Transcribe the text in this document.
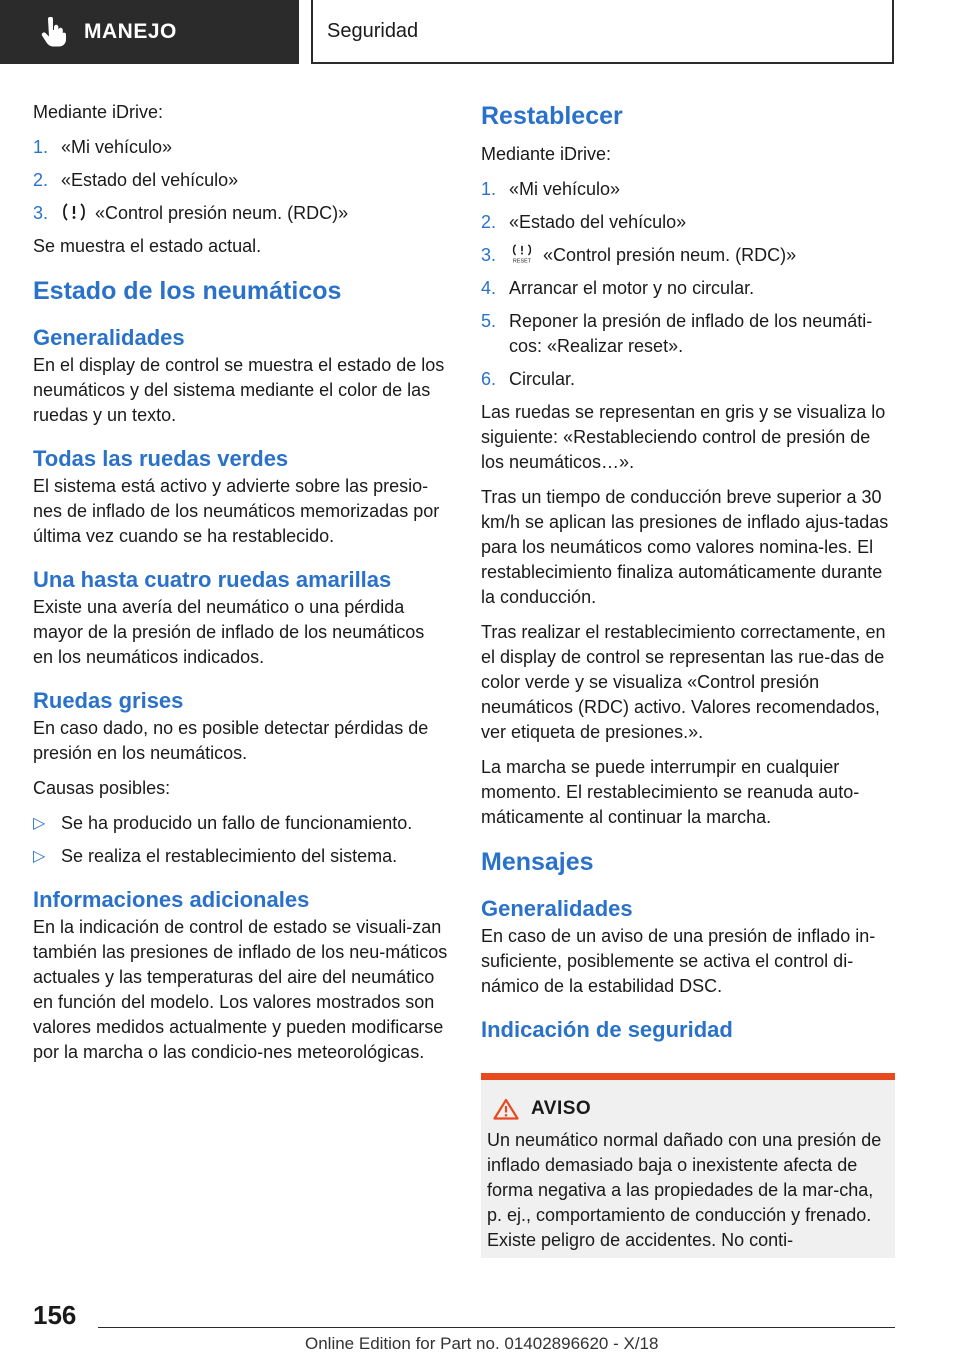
MANEJO	Seguridad

Mediante iDrive:

1. «Mi vehículo»
2. «Estado del vehículo»
3.	«Control presión neum. (RDC)»

Se muestra el estado actual.

Estado de los neumáticos
Generalidades

En el display de control se muestra el estado de los neumáticos y del sistema mediante el color de las ruedas y un texto.

Todas las ruedas verdes

El sistema está activo y advierte sobre las presio-nes de inflado de los neumáticos memorizadas por última vez cuando se ha restablecido.

Una hasta cuatro ruedas amarillas

Existe una avería del neumático o una pérdida mayor de la presión de inflado de los neumáticos en los neumáticos indicados.

Ruedas grises

En caso dado, no es posible detectar pérdidas de presión en los neumáticos.

Causas posibles:

▷ Se ha producido un fallo de funcionamiento.
▷ Se realiza el restablecimiento del sistema.
Informaciones adicionales

En la indicación de control de estado se visuali-zan también las presiones de inflado de los neu-máticos actuales y las temperaturas del aire del neumático en función del modelo. Los valores mostrados son valores medidos actualmente y pueden modificarse por la marcha o las condicio-nes meteorológicas.

Restablecer

Mediante iDrive:

1. «Mi vehículo»
2. «Estado del vehículo»
3.	RESET «Control presión neum. (RDC)»
4. Arrancar el motor y no circular.
5. Reponer la presión de inflado de los neumáti-cos: «Realizar reset».
6. Circular.

Las ruedas se representan en gris y se visualiza lo siguiente: «Restableciendo control de presión de los neumáticos…».

Tras un tiempo de conducción breve superior a 30 km/h se aplican las presiones de inflado ajus-tadas para los neumáticos como valores nomina-les. El restablecimiento finaliza automáticamente durante la conducción.

Tras realizar el restablecimiento correctamente, en el display de control se representan las rue-das de color verde y se visualiza «Control presión neumáticos (RDC) activo. Valores recomendados, ver etiqueta de presiones.».

La marcha se puede interrumpir en cualquier momento. El restablecimiento se reanuda auto-máticamente al continuar la marcha.

Mensajes
Generalidades

En caso de un aviso de una presión de inflado in-suficiente, posiblemente se activa el control di-námico de la estabilidad DSC.

Indicación de seguridad
AVISO

Un neumático normal dañado con una presión de inflado demasiado baja o inexistente afecta de forma negativa a las propiedades de la mar-cha, p. ej., comportamiento de conducción y frenado. Existe peligro de accidentes. No conti-

156
Online Edition for Part no. 01402896620 - X/18
